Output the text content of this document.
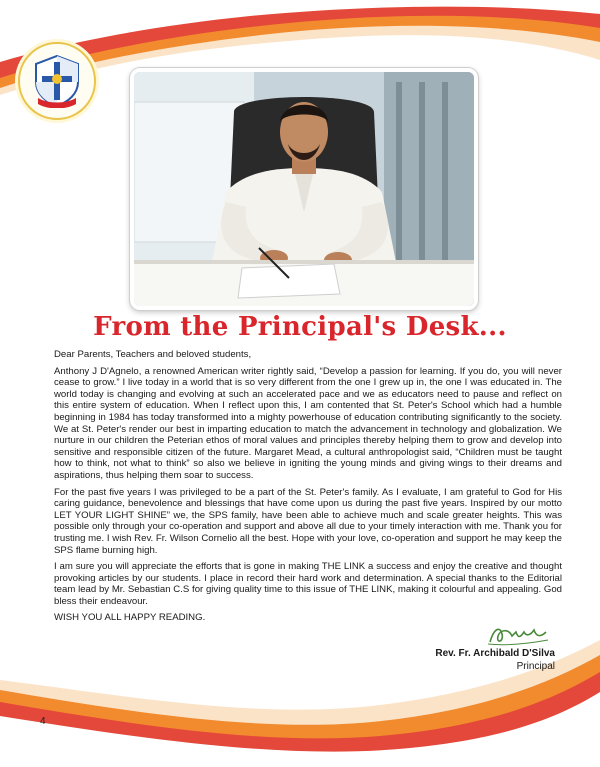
From the Principal's Desk...

Dear Parents, Teachers and beloved students,

Anthony J D'Agnelo, a renowned American writer rightly said, “Develop a passion for learning. If you do, you will never cease to grow.” I live today in a world that is so very different from the one I grew up in, the one I was educated in. The world today is changing and evolving at such an accelerated pace and we as educators need to pause and reflect on this entire system of education. When I reflect upon this, I am contented that St. Peter's School which had a humble beginning in 1984 has today transformed into a mighty powerhouse of education contributing significantly to the society. We at St. Peter's render our best in imparting education to match the advancement in technology and globalization. We nurture in our children the Peterian ethos of moral values and principles thereby helping them to grow and develop into sensitive and responsible citizen of the future. Margaret Mead, a cultural anthropologist said, “Children must be taught how to think, not what to think” so also we believe in igniting the young minds and giving wings to their dreams and aspirations, thus helping them soar to success.

For the past five years I was privileged to be a part of the St. Peter's family. As I evaluate, I am grateful to God for His caring guidance, benevolence and blessings that have come upon us during the past five years. Inspired by our motto LET YOUR LIGHT SHINE” we, the SPS family, have been able to achieve much and scale greater heights. This was possible only through your co-operation and support and above all due to your timely interaction with me. Thank you for trusting me. I wish Rev. Fr. Wilson Cornelio all the best. Hope with your love, co-operation and support he may keep the SPS flame burning high.

I am sure you will appreciate the efforts that is gone in making THE LINK a success and enjoy the creative and thought provoking articles by our students. I place in record their hard work and determination. A special thanks to the Editorial team lead by Mr. Sebastian C.S for giving quality time to this issue of THE LINK, making it colourful and appealing. God bless their endeavour.

WISH YOU ALL HAPPY READING.

Rev. Fr. Archibald D'Silva
Principal
4
